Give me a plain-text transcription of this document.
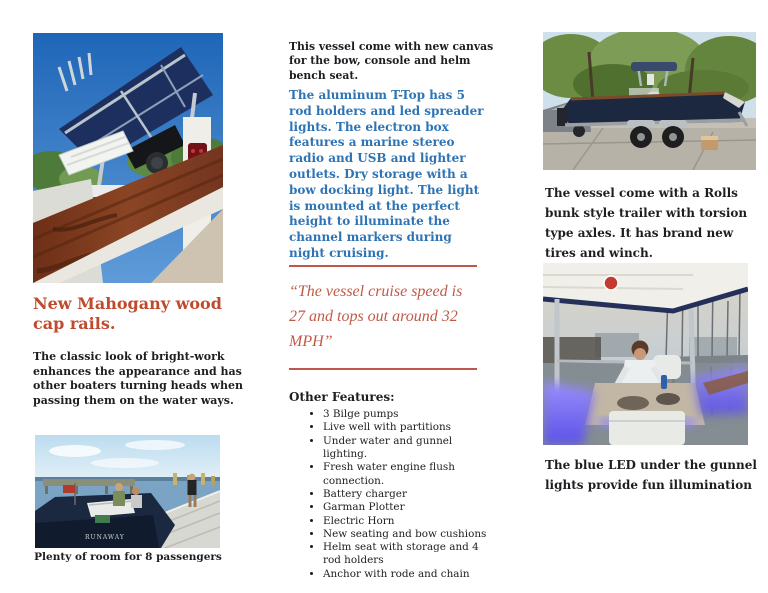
New Mahogany wood cap rails.
The classic look of bright-work enhances the appearance and has other boaters turning heads when passing them on the water ways.
RUNAWAY
Plenty of room for 8 passengers
This vessel come with new canvas for the bow, console and helm bench seat.
The aluminum T-Top has 5 rod holders and led spreader lights. The electron box features a marine stereo radio and USB and lighter outlets. Dry storage with a bow docking light. The light is mounted at the perfect height to illuminate the channel markers during night cruising.
“The vessel cruise speed is 27 and tops out around 32 MPH”
Other Features:
• 3 Bilge pumps
• Live well with partitions
• Under water and gunnel lighting.
• Fresh water engine flush connection.
• Battery charger
• Garman Plotter
• Electric Horn
• New seating and bow cushions
• Helm seat with storage and 4 rod holders
• Anchor with rode and chain
The vessel come with a Rolls bunk style trailer with torsion type axles. It has brand new tires and winch.
The blue LED under the gunnel lights provide fun illumination
